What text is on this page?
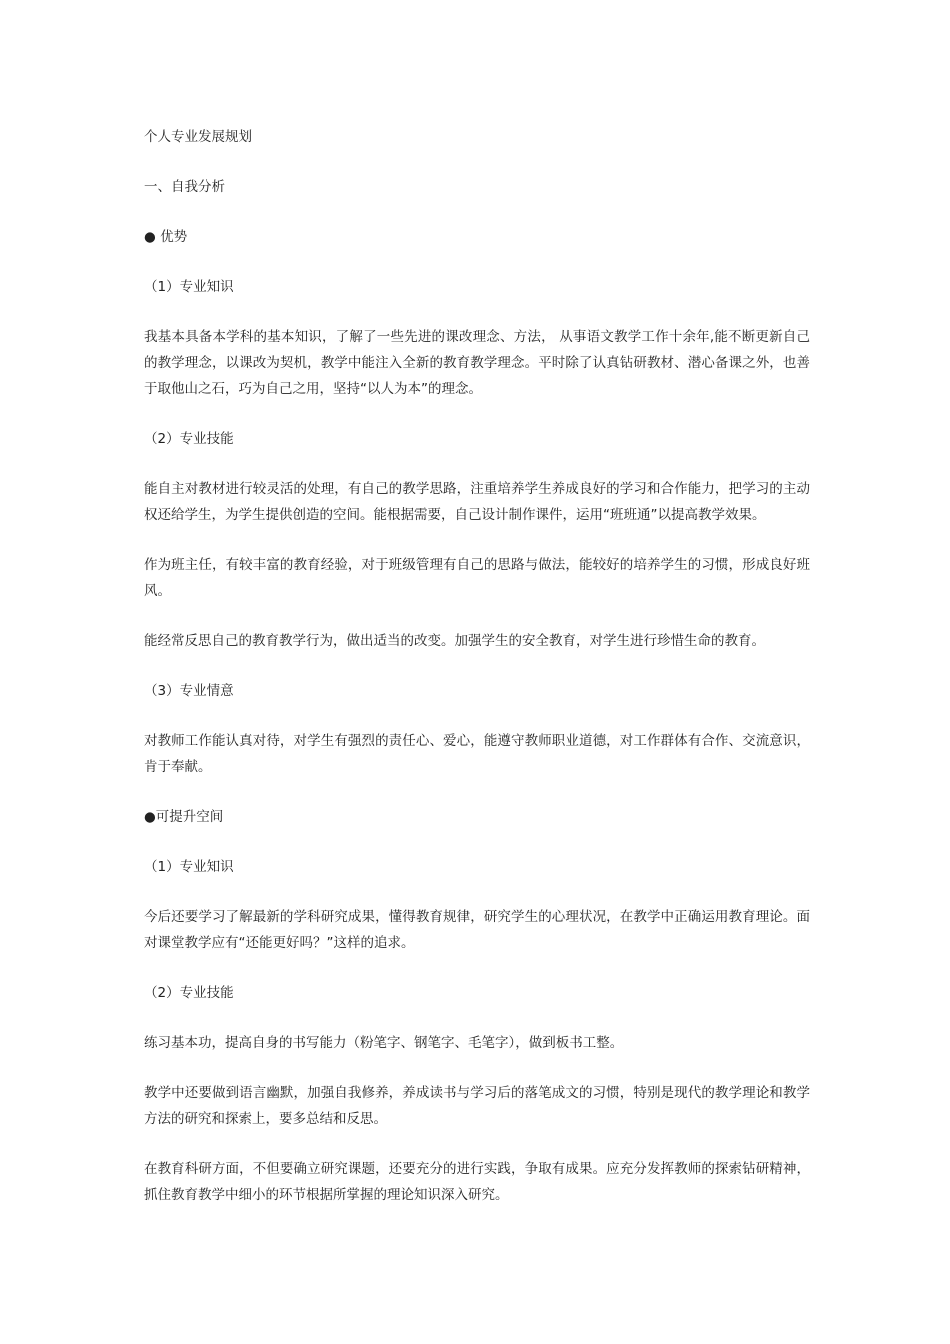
个人专业发展规划

一、自我分析

● 优势

（1）专业知识

我基本具备本学科的基本知识，了解了一些先进的课改理念、方法， 从事语文教学工作十余年,能不断更新自己的教学理念，以课改为契机，教学中能注入全新的教育教学理念。平时除了认真钻研教材、潜心备课之外，也善于取他山之石，巧为自己之用，坚持“以人为本”的理念。

（2）专业技能

能自主对教材进行较灵活的处理，有自己的教学思路，注重培养学生养成良好的学习和合作能力，把学习的主动权还给学生，为学生提供创造的空间。能根据需要，自己设计制作课件，运用“班班通”以提高教学效果。

作为班主任，有较丰富的教育经验，对于班级管理有自己的思路与做法，能较好的培养学生的习惯，形成良好班风。

能经常反思自己的教育教学行为，做出适当的改变。加强学生的安全教育，对学生进行珍惜生命的教育。

（3）专业情意

对教师工作能认真对待，对学生有强烈的责任心、爱心，能遵守教师职业道德，对工作群体有合作、交流意识，肯于奉献。

●可提升空间

（1）专业知识

今后还要学习了解最新的学科研究成果，懂得教育规律，研究学生的心理状况，在教学中正确运用教育理论。面对课堂教学应有“还能更好吗？”这样的追求。

（2）专业技能

练习基本功，提高自身的书写能力（粉笔字、钢笔字、毛笔字），做到板书工整。

教学中还要做到语言幽默，加强自我修养，养成读书与学习后的落笔成文的习惯，特别是现代的教学理论和教学方法的研究和探索上，要多总结和反思。

在教育科研方面，不但要确立研究课题，还要充分的进行实践，争取有成果。应充分发挥教师的探索钻研精神，抓住教育教学中细小的环节根据所掌握的理论知识深入研究。
